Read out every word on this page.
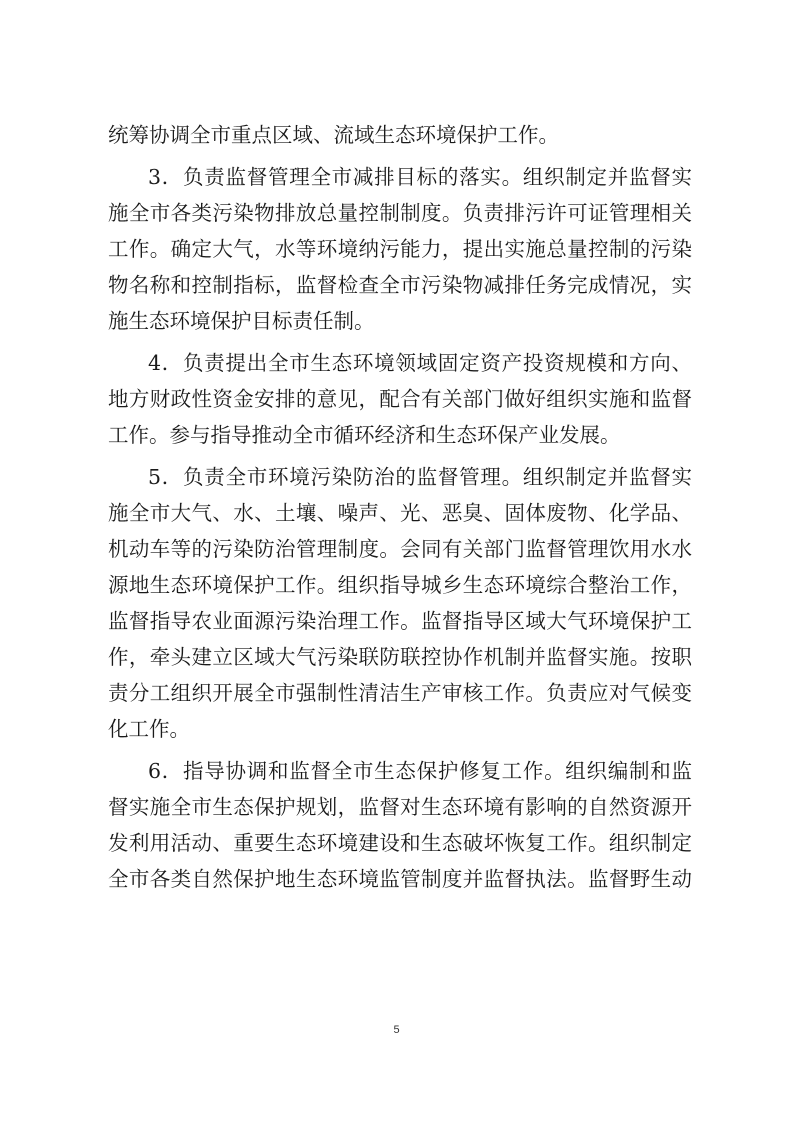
统筹协调全市重点区域、流域生态环境保护工作。
3．负责监督管理全市减排目标的落实。组织制定并监督实
施全市各类污染物排放总量控制制度。负责排污许可证管理相关
工作。确定大气，水等环境纳污能力，提出实施总量控制的污染
物名称和控制指标，监督检查全市污染物减排任务完成情况，实
施生态环境保护目标责任制。
4．负责提出全市生态环境领域固定资产投资规模和方向、
地方财政性资金安排的意见，配合有关部门做好组织实施和监督
工作。参与指导推动全市循环经济和生态环保产业发展。
5．负责全市环境污染防治的监督管理。组织制定并监督实
施全市大气、水、土壤、噪声、光、恶臭、固体废物、化学品、
机动车等的污染防治管理制度。会同有关部门监督管理饮用水水
源地生态环境保护工作。组织指导城乡生态环境综合整治工作，
监督指导农业面源污染治理工作。监督指导区域大气环境保护工
作，牵头建立区域大气污染联防联控协作机制并监督实施。按职
责分工组织开展全市强制性清洁生产审核工作。负责应对气候变
化工作。
6．指导协调和监督全市生态保护修复工作。组织编制和监
督实施全市生态保护规划，监督对生态环境有影响的自然资源开
发利用活动、重要生态环境建设和生态破坏恢复工作。组织制定
全市各类自然保护地生态环境监管制度并监督执法。监督野生动
5
